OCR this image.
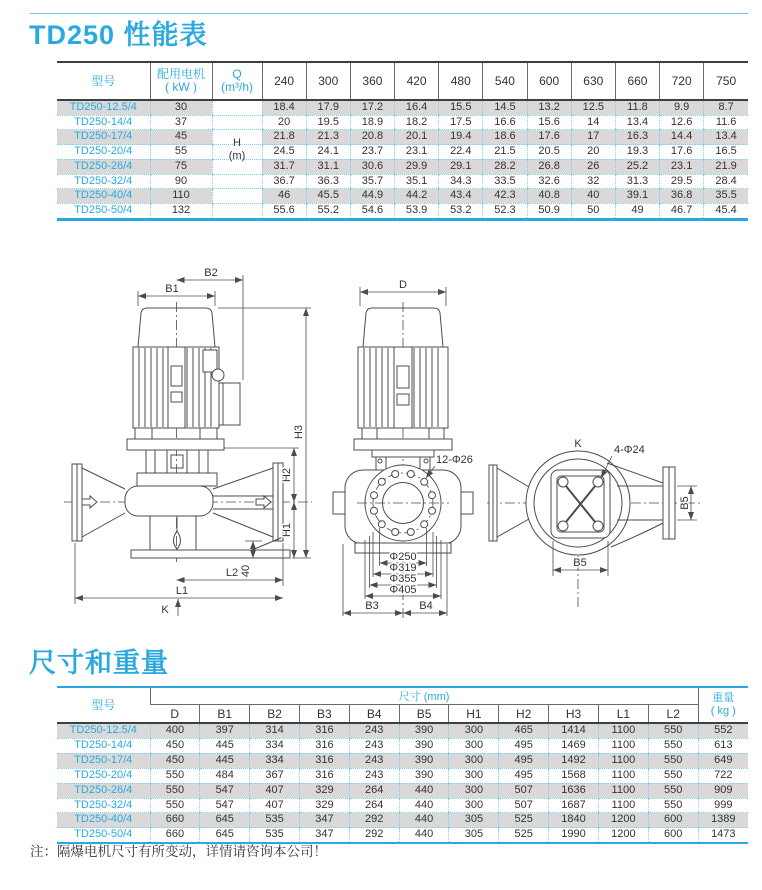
TD250 性能表
型号	配用电机
( kW )

Q
(m³/h)	240	300	360	420	480	540	600	630	660	720	750
TD250-12.5/4	30		18.4	17.9	17.2	16.4	15.5	14.5	13.2	12.5	11.8	9.9	8.7
TD250-14/4	37		20	19.5	18.9	18.2	17.5	16.6	15.6	14	13.4	12.6	11.6
TD250-17/4	45		21.8	21.3	20.8	20.1	19.4	18.6	17.6	17	16.3	14.4	13.4
TD250-20/4	55		24.5	24.1	23.7	23.1	22.4	21.5	20.5	20	19.3	17.6	16.5
TD250-26/4	75		31.7	31.1	30.6	29.9	29.1	28.2	26.8	26	25.2	23.1	21.9
TD250-32/4	90		36.7	36.3	35.7	35.1	34.3	33.5	32.6	32	31.3	29.5	28.4
TD250-40/4	110		46	45.5	44.9	44.2	43.4	42.3	40.8	40	39.1	36.8	35.5
TD250-50/4	132		55.6	55.2	54.6	53.9	53.2	52.3	50.9	50	49	46.7	45.4
H
(m)
B1
B2
H3
H2
H1
L2 40
L1
K
D
12-Φ26
Φ250
Φ319
Φ355
Φ405
B3	B4
K	4-Φ24
B5
B5
尺寸和重量
型号	尺寸 (mm)											重量
( kg )

	D	B1	B2	B3	B4	B5	H1	H2	H3	L1	L2	
TD250-12.5/4	400	397	314	316	243	390	300	465	1414	1100	550	552
TD250-14/4	450	445	334	316	243	390	300	495	1469	1100	550	613
TD250-17/4	450	445	334	316	243	390	300	495	1492	1100	550	649
TD250-20/4	550	484	367	316	243	390	300	495	1568	1100	550	722
TD250-26/4	550	547	407	329	264	440	300	507	1636	1100	550	909
TD250-32/4	550	547	407	329	264	440	300	507	1687	1100	550	999
TD250-40/4	660	645	535	347	292	440	305	525	1840	1200	600	1389
TD250-50/4	660	645	535	347	292	440	305	525	1990	1200	600	1473
注：隔爆电机尺寸有所变动，详情请咨询本公司！
